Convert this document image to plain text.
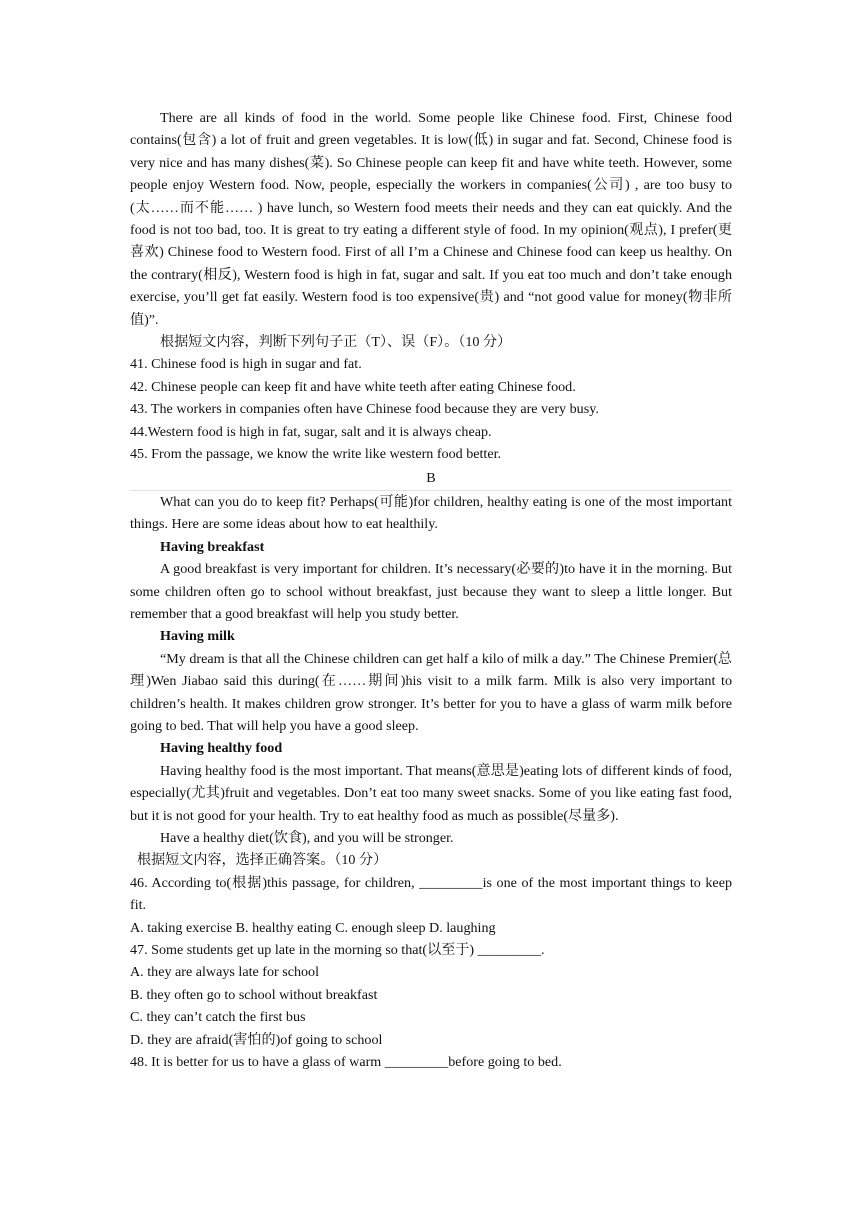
There are all kinds of food in the world. Some people like Chinese food. First, Chinese food contains(包含) a lot of fruit and green vegetables. It is low(低) in sugar and fat. Second, Chinese food is very nice and has many dishes(菜). So Chinese people can keep fit and have white teeth. However, some people enjoy Western food. Now, people, especially the workers in companies(公司) , are too busy to (太……而不能…… ) have lunch, so Western food meets their needs and they can eat quickly. And the food is not too bad, too. It is great to try eating a different style of food. In my opinion(观点), I prefer(更喜欢) Chinese food to Western food. First of all I’m a Chinese and Chinese food can keep us healthy. On the contrary(相反), Western food is high in fat, sugar and salt. If you eat too much and don’t take enough exercise, you’ll get fat easily. Western food is too expensive(贵) and “not good value for money(物非所值)”.

根据短文内容，判断下列句子正（T）、误（F）。（10 分）

41. Chinese food is high in sugar and fat.

42. Chinese people can keep fit and have white teeth after eating Chinese food.

43. The workers in companies often have Chinese food because they are very busy.

44.Western food is high in fat, sugar, salt and it is always cheap.

45. From the passage, we know the write like western food better.

B

What can you do to keep fit? Perhaps(可能)for children, healthy eating is one of the most important things. Here are some ideas about how to eat healthily.

Having breakfast

A good breakfast is very important for children. It’s necessary(必要的)to have it in the morning. But some children often go to school without breakfast, just because they want to sleep a little longer. But remember that a good breakfast will help you study better.

Having milk

“My dream is that all the Chinese children can get half a kilo of milk a day.” The Chinese Premier(总理)Wen Jiabao said this during(在……期间)his visit to a milk farm. Milk is also very important to children’s health. It makes children grow stronger. It’s better for you to have a glass of warm milk before going to bed. That will help you have a good sleep.

Having healthy food

Having healthy food is the most important. That means(意思是)eating lots of different kinds of food, especially(尤其)fruit and vegetables. Don’t eat too many sweet snacks. Some of you like eating fast food, but it is not good for your health. Try to eat healthy food as much as possible(尽量多).

Have a healthy diet(饮食), and you will be stronger.

根据短文内容，选择正确答案。（10 分）

46. According to(根据)this passage, for children, _________is one of the most important things to keep fit.

A. taking exercise B. healthy eating C. enough sleep D. laughing

47. Some students get up late in the morning so that(以至于) _________.

A. they are always late for school

B. they often go to school without breakfast

C. they can’t catch the first bus

D. they are afraid(害怕的)of going to school

48. It is better for us to have a glass of warm _________before going to bed.
